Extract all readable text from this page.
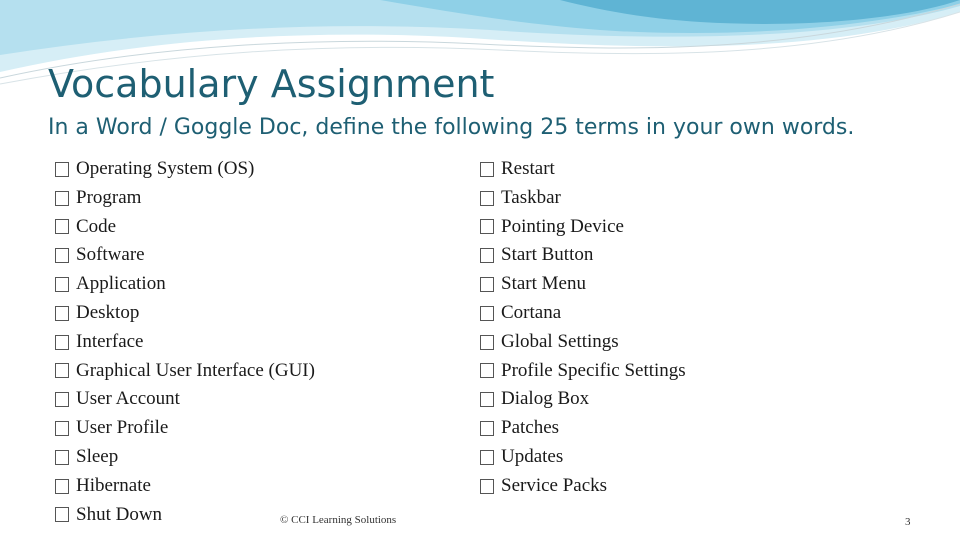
Vocabulary Assignment

In a Word / Goggle Doc, define the following 25 terms in your own words.

Operating System (OS)
Program
Code
Software
Application
Desktop
Interface
Graphical User Interface (GUI)
User Account
User Profile
Sleep
Hibernate
Shut Down
Restart
Taskbar
Pointing Device
Start Button
Start Menu
Cortana
Global Settings
Profile Specific Settings
Dialog Box
Patches
Updates
Service Packs
© CCI Learning Solutions	3
